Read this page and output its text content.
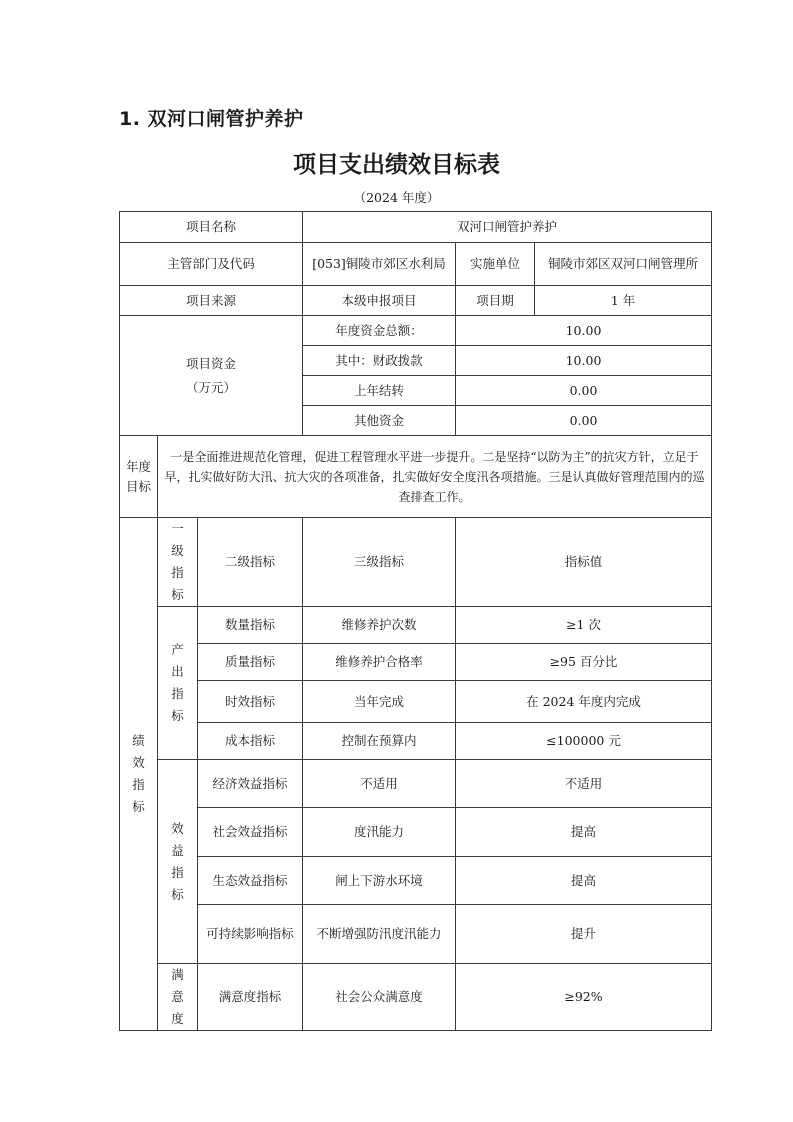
1. 双河口闸管护养护
项目支出绩效目标表
（2024 年度）
项目名称			双河口闸管护养护		
主管部门及代码			[053]铜陵市郊区水利局	实施单位	铜陵市郊区双河口闸管理所
项目来源			本级申报项目	项目期	1 年

项目资金
（万元）			年度资金总额：	10.00	
			其中：财政拨款	10.00	
			上年结转	0.00	
			其他资金	0.00	
年度目标	一是全面推进规范化管理，促进工程管理水平进一步提升。二是坚持“以防为主”的抗灾方针，立足于早，扎实做好防大汛、抗大灾的各项准备，扎实做好安全度汛各项措施。三是认真做好管理范围内的巡查排查工作。				
绩效指标	一级指标	二级指标	三级指标	指标值	
	产出指标	数量指标	维修养护次数	≥1 次	
		质量指标	维修养护合格率	≥95 百分比	
		时效指标	当年完成	在 2024 年度内完成	
		成本指标	控制在预算内	≤100000 元	
	效益指标	经济效益指标	不适用	不适用	
		社会效益指标	度汛能力	提高	
		生态效益指标	闸上下游水环境	提高	
		可持续影响指标	不断增强防汛度汛能力	提升	
	满意度	满意度指标	社会公众满意度	≥92%	
